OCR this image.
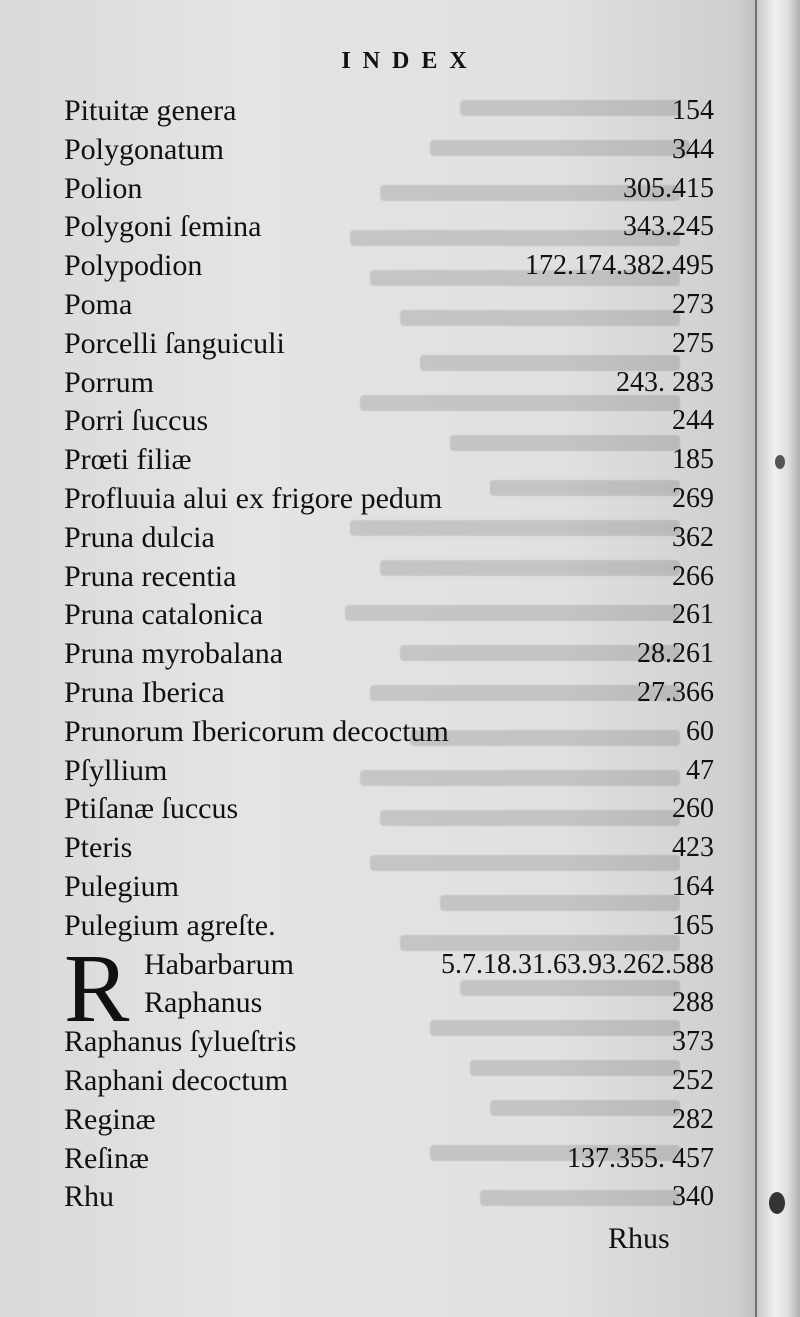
INDEX
Pituitæ genera	154
Polygonatum	344
Polion	305.415
Polygoni ſemina	343.245
Polypodion	172.174.382.495
Poma	273
Porcelli ſanguiculi	275
Porrum	243. 283
Porri ſuccus	244
Prœti filiæ	185
Profluuia alui ex frigore pedum	269
Pruna dulcia	362
Pruna recentia	266
Pruna catalonica	261
Pruna myrobalana	28.261
Pruna Iberica	27.366
Prunorum Ibericorum decoctum	60
Pſyllium	47
Ptiſanæ ſuccus	260
Pteris	423
Pulegium	164
Pulegium agreſte.	165
Habarbarum	5.7.18.31.63.93.262.588
Raphanus	288
Raphanus ſylueſtris	373
Raphani decoctum	252
Reginæ	282
Reſinæ	137.355. 457
Rhu	340
R
Rhus
